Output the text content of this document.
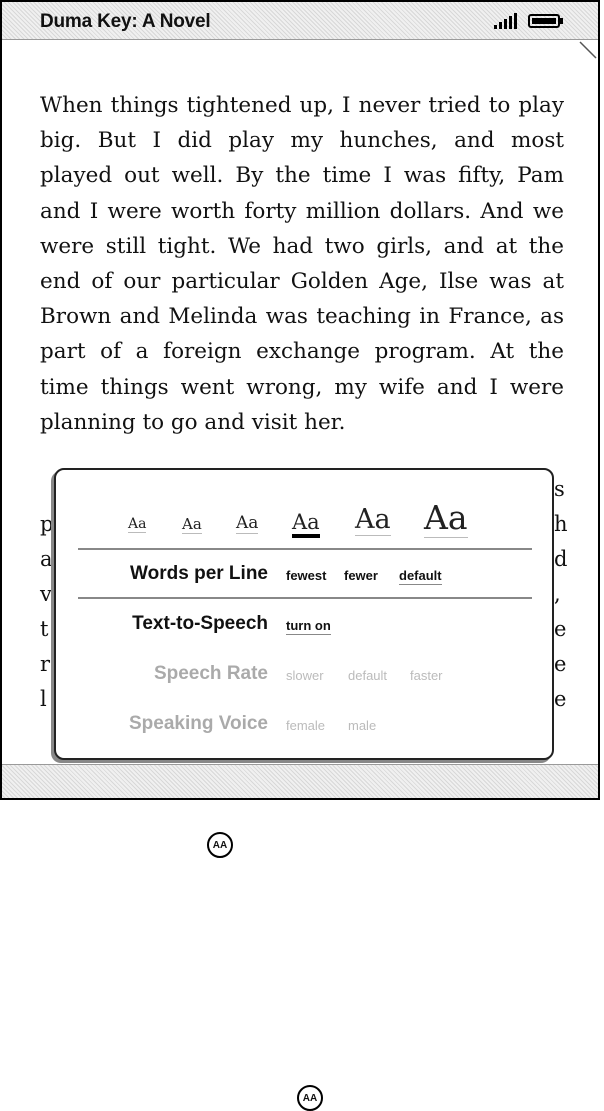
Duma Key: A Novel

When things tightened up, I never tried to play big. But I did play my hunches, and most played out well. By the time I was fifty, Pam and I were worth forty million dollars. And we were still tight. We had two girls, and at the end of our particular Golden Age, Ilse was at Brown and Melinda was teaching in France, as part of a foreign exchange program. At the time things went wrong, my wife and I were planning to go and visit her.

p
a
v
t
r
l
s
h
d
,
e
e
e
Aa Aa Aa Aa Aa Aa
Words per Line fewest fewer default
Text-to-Speech turn on
Speech Rate slower default faster
Speaking Voice female male
AA
AA
